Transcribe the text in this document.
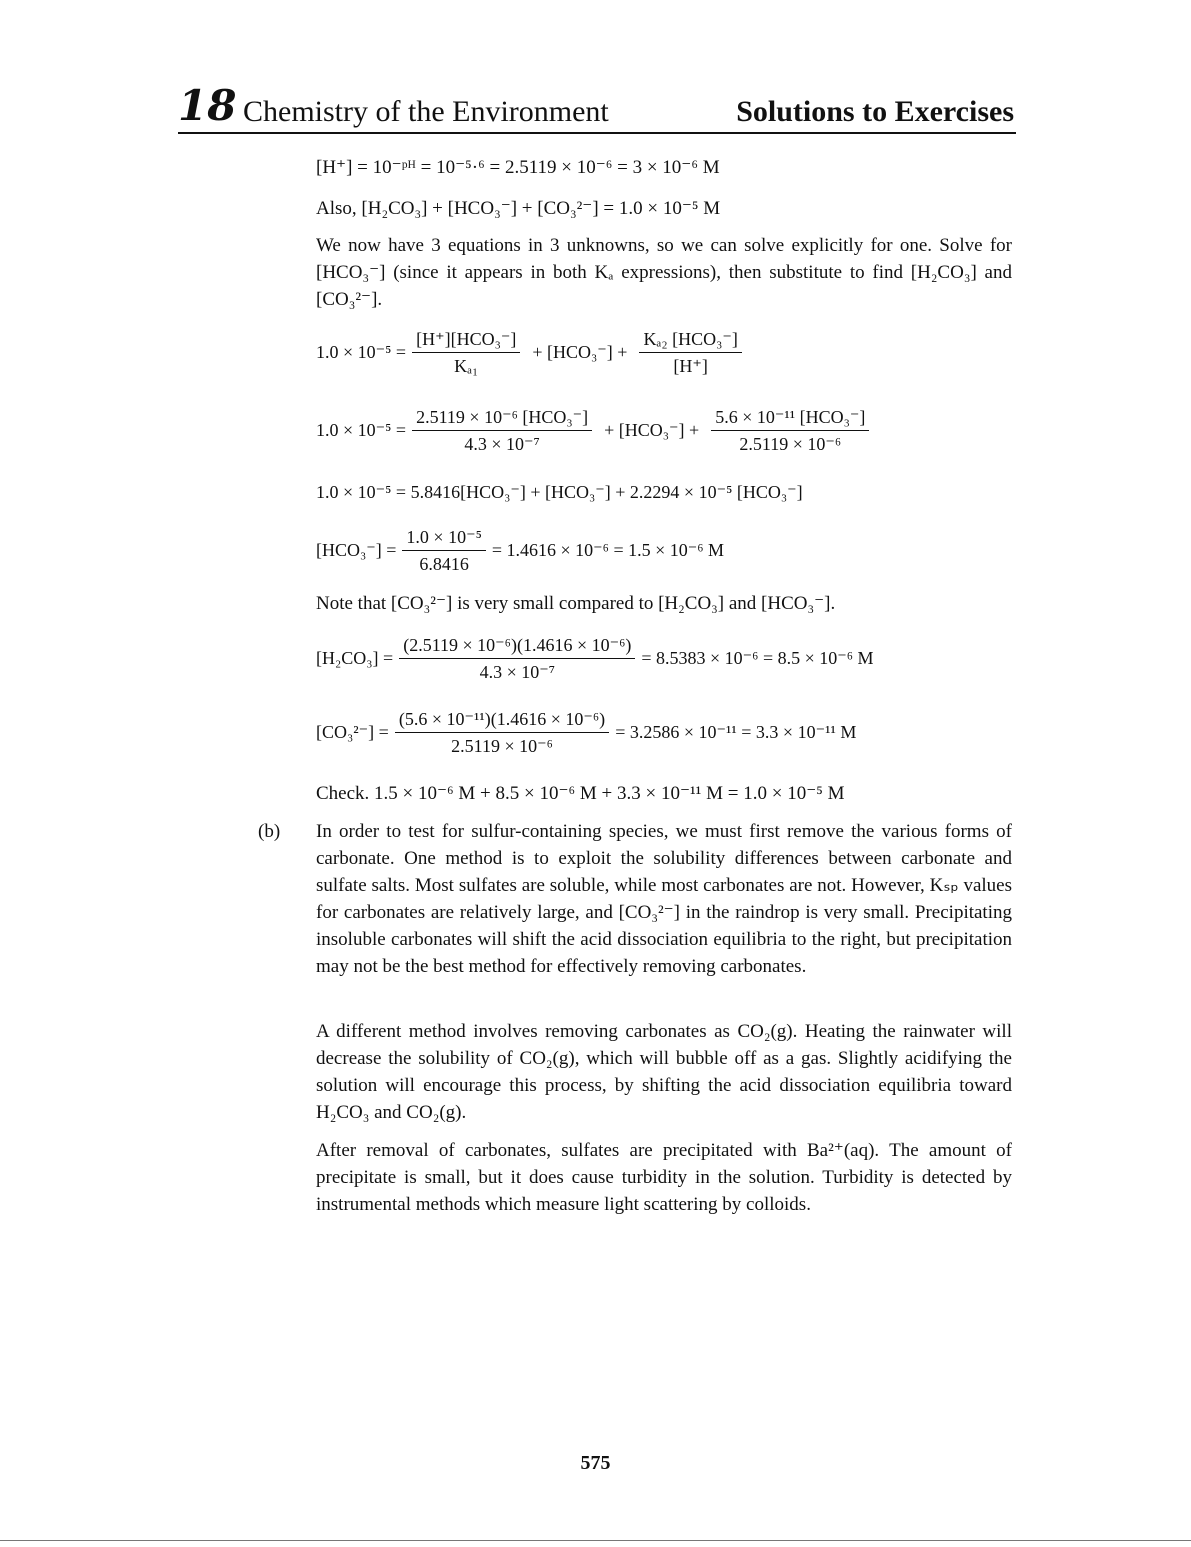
18 Chemistry of the Environment	Solutions to Exercises
[H⁺] = 10⁻ᵖᴴ = 10⁻⁵·⁶ = 2.5119 × 10⁻⁶ = 3 × 10⁻⁶ M
Also, [H₂CO₃] + [HCO₃⁻] + [CO₃²⁻] = 1.0 × 10⁻⁵ M
We now have 3 equations in 3 unknowns, so we can solve explicitly for one. Solve for [HCO₃⁻] (since it appears in both Kₐ expressions), then substitute to find [H₂CO₃] and [CO₃²⁻].
$1.0 \times 10^{-5} = \frac{\text{[H⁺][HCO₃⁻]}}{\text{Kₐ₁}} + [HCO_3^-] + \frac{\text{Kₐ₂ [HCO₃⁻]}}{[H^+]}$
$1.0 \times 10^{-5} = \frac{\text{2.5119 × 10⁻⁶ [HCO₃⁻]}}{\text{4.3 × 10⁻⁷}} + [HCO_3^-] + \frac{\text{5.6 × 10⁻¹¹ [HCO₃⁻]}}{\text{2.5119 × 10⁻⁶}}$
1.0 × 10⁻⁵ = 5.8416[HCO₃⁻] + [HCO₃⁻] + 2.2294 × 10⁻⁵ [HCO₃⁻]
$[HCO_3^-] = \frac{\text{1.0 × 10⁻⁵}}{6.8416} = 1.4616 \times 10^{-6} = 1.5 \times 10^{-6}$ M
Note that [CO₃²⁻] is very small compared to [H₂CO₃] and [HCO₃⁻].
$[H_2CO_3] = \frac{\text{(2.5119 × 10⁻⁶)(1.4616 × 10⁻⁶)}}{\text{4.3 × 10⁻⁷}} = 8.5383 \times 10^{-6} = 8.5 \times 10^{-6}$ M
$[CO_3^{2-}] = \frac{\text{(5.6 × 10⁻¹¹)(1.4616 × 10⁻⁶)}}{\text{2.5119 × 10⁻⁶}} = 3.2586 \times 10^{-11} = 3.3 \times 10^{-11}$ M
Check. 1.5 × 10⁻⁶ M + 8.5 × 10⁻⁶ M + 3.3 × 10⁻¹¹ M = 1.0 × 10⁻⁵ M
(b) In order to test for sulfur-containing species, we must first remove the various forms of carbonate. One method is to exploit the solubility differences between carbonate and sulfate salts. Most sulfates are soluble, while most carbonates are not. However, Kₛₚ values for carbonates are relatively large, and [CO₃²⁻] in the raindrop is very small. Precipitating insoluble carbonates will shift the acid dissociation equilibria to the right, but precipitation may not be the best method for effectively removing carbonates.
A different method involves removing carbonates as CO₂(g). Heating the rainwater will decrease the solubility of CO₂(g), which will bubble off as a gas. Slightly acidifying the solution will encourage this process, by shifting the acid dissociation equilibria toward H₂CO₃ and CO₂(g).
After removal of carbonates, sulfates are precipitated with Ba²⁺(aq). The amount of precipitate is small, but it does cause turbidity in the solution. Turbidity is detected by instrumental methods which measure light scattering by colloids.
575
